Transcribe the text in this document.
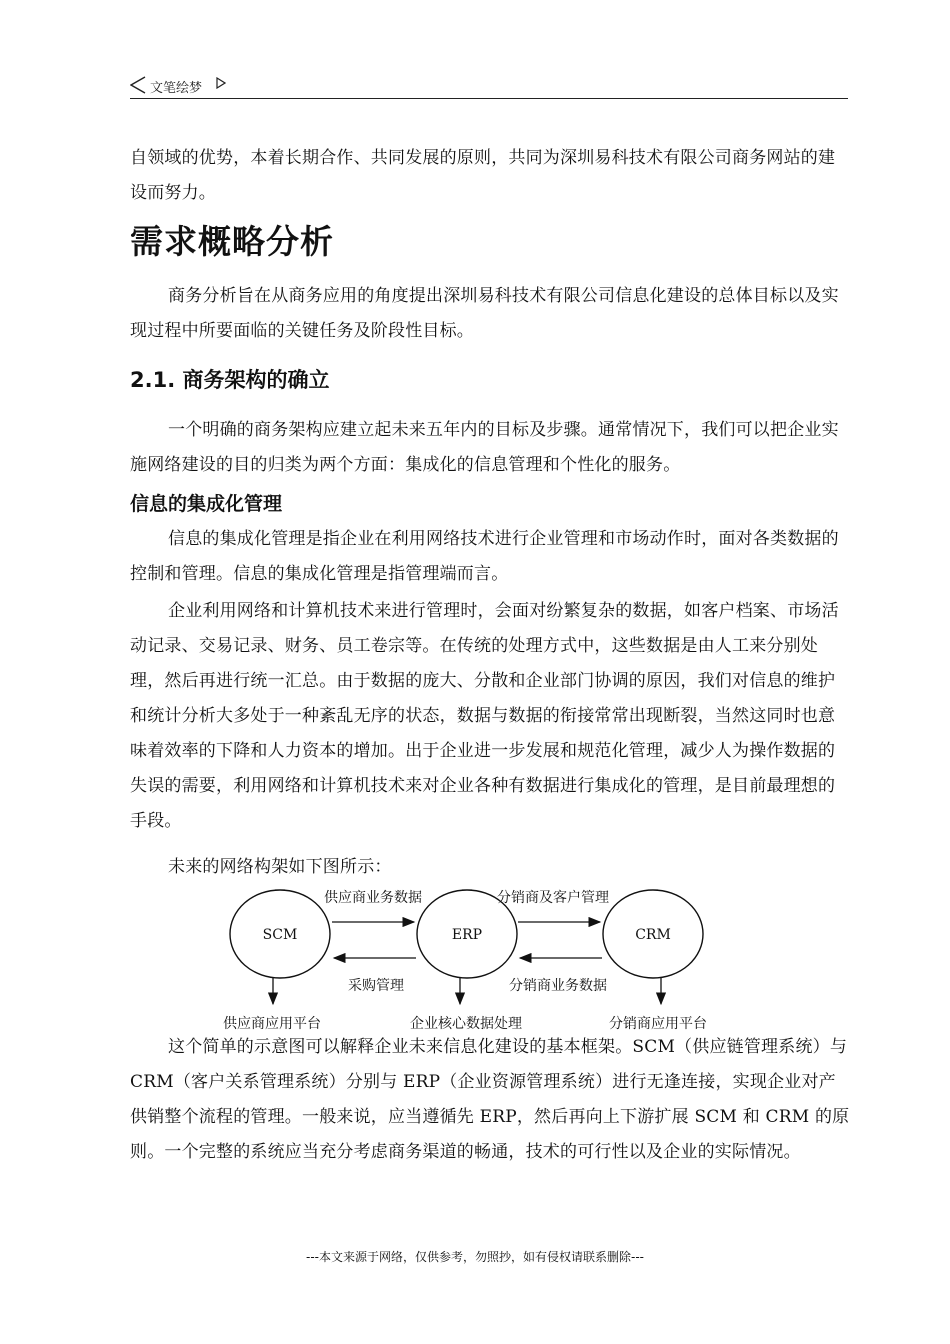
文笔绘梦
自领域的优势，本着长期合作、共同发展的原则，共同为深圳易科技术有限公司商务网站的建设而努力。
需求概略分析
商务分析旨在从商务应用的角度提出深圳易科技术有限公司信息化建设的总体目标以及实现过程中所要面临的关键任务及阶段性目标。
2.1. 商务架构的确立
一个明确的商务架构应建立起未来五年内的目标及步骤。通常情况下，我们可以把企业实施网络建设的目的归类为两个方面：集成化的信息管理和个性化的服务。
信息的集成化管理
信息的集成化管理是指企业在利用网络技术进行企业管理和市场动作时，面对各类数据的控制和管理。信息的集成化管理是指管理端而言。
企业利用网络和计算机技术来进行管理时，会面对纷繁复杂的数据，如客户档案、市场活动记录、交易记录、财务、员工卷宗等。在传统的处理方式中，这些数据是由人工来分别处理，然后再进行统一汇总。由于数据的庞大、分散和企业部门协调的原因，我们对信息的维护和统计分析大多处于一种紊乱无序的状态，数据与数据的衔接常常出现断裂，当然这同时也意味着效率的下降和人力资本的增加。出于企业进一步发展和规范化管理，减少人为操作数据的失误的需要，利用网络和计算机技术来对企业各种有数据进行集成化的管理，是目前最理想的手段。
未来的网络构架如下图所示：
SCM	ERP	CRM
供应商业务数据	分销商及客户管理
采购管理	分销商业务数据
供应商应用平台	企业核心数据处理	分销商应用平台
这个简单的示意图可以解释企业未来信息化建设的基本框架。SCM（供应链管理系统）与 CRM（客户关系管理系统）分别与 ERP（企业资源管理系统）进行无逢连接，实现企业对产供销整个流程的管理。一般来说，应当遵循先 ERP，然后再向上下游扩展 SCM 和 CRM 的原则。一个完整的系统应当充分考虑商务渠道的畅通，技术的可行性以及企业的实际情况。
---本文来源于网络，仅供参考，勿照抄，如有侵权请联系删除---
